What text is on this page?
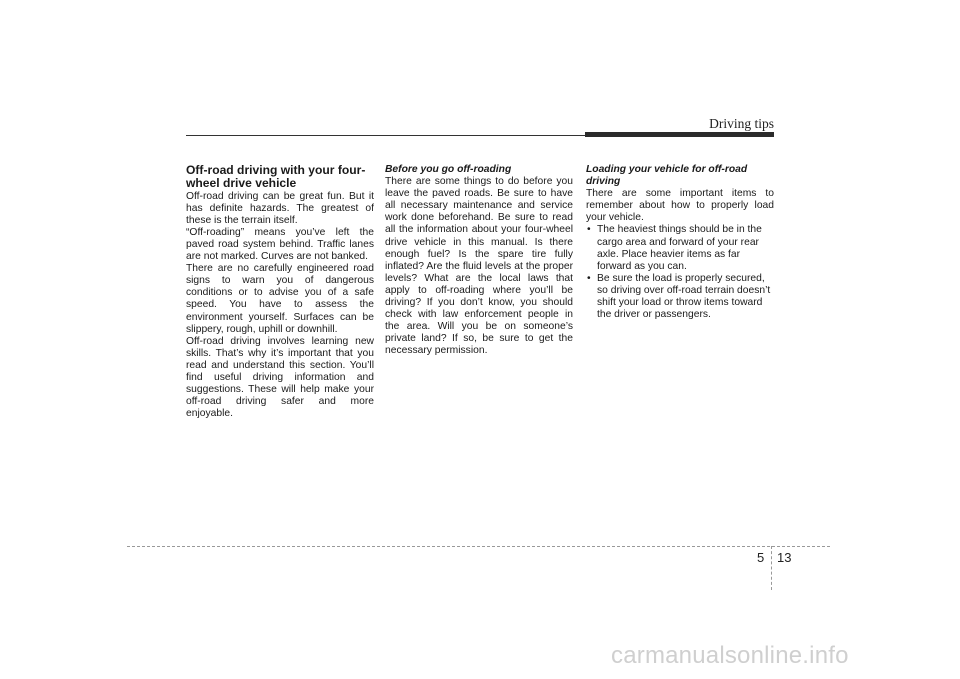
Driving tips
Off-road driving with your four-wheel drive vehicle

Off-road driving can be great fun. But it has definite hazards. The greatest of these is the terrain itself.

“Off-roading” means you’ve left the paved road system behind. Traffic lanes are not marked. Curves are not banked.

There are no carefully engineered road signs to warn you of dangerous conditions or to advise you of a safe speed. You have to assess the environment yourself. Surfaces can be slippery, rough, uphill or downhill.

Off-road driving involves learning new skills. That’s why it’s important that you read and understand this section. You’ll find useful driving information and suggestions. These will help make your off-road driving safer and more enjoyable.

Before you go off-roading

There are some things to do before you leave the paved roads. Be sure to have all necessary maintenance and service work done beforehand. Be sure to read all the information about your four-wheel drive vehicle in this manual. Is there enough fuel? Is the spare tire fully inflated? Are the fluid levels at the proper levels? What are the local laws that apply to off-roading where you’ll be driving? If you don’t know, you should check with law enforcement people in the area. Will you be on someone’s private land? If so, be sure to get the necessary permission.

Loading your vehicle for off-road driving

There are some important items to remember about how to properly load your vehicle.

• The heaviest things should be in the cargo area and forward of your rear axle. Place heavier items as far forward as you can.
• Be sure the load is properly secured, so driving over off-road terrain doesn’t shift your load or throw items toward the driver or passengers.
5 13
carmanualsonline.info
